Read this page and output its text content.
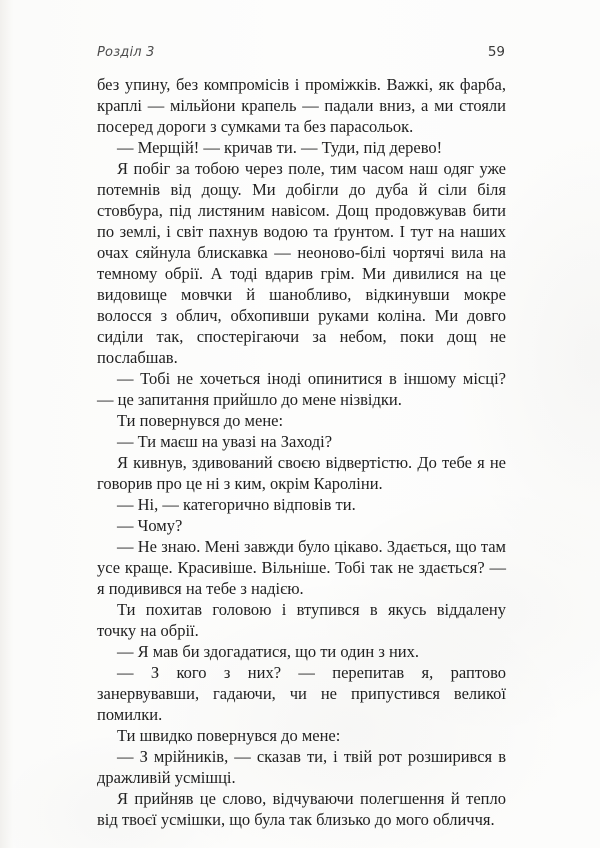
Розділ 3	59

без упину, без компромісів і проміжків. Важкі, як фарба, краплі — мільйони крапель — падали вниз, а ми стояли посеред дороги з сумками та без парасольок.

— Мерщій! — кричав ти. — Туди, під дерево!

Я побіг за тобою через поле, тим часом наш одяг уже потемнів від дощу. Ми добігли до дуба й сіли біля стовбура, під листяним навісом. Дощ продовжував бити по землі, і світ пахнув водою та ґрунтом. І тут на наших очах сяйнула блискавка — неоново-білі чортячі вила на темному обрії. А тоді вдарив грім. Ми дивилися на це видовище мовчки й шанобливо, відкинувши мокре волосся з облич, обхопивши руками коліна. Ми довго сиділи так, спостерігаючи за небом, поки дощ не послабшав.

— Тобі не хочеться іноді опинитися в іншому місці? — це запитання прийшло до мене нізвідки.

Ти повернувся до мене:

— Ти маєш на увазі на Заході?

Я кивнув, здивований своєю відвертістю. До тебе я не говорив про це ні з ким, окрім Кароліни.

— Ні, — категорично відповів ти.

— Чому?

— Не знаю. Мені завжди було цікаво. Здається, що там усе краще. Красивіше. Вільніше. Тобі так не здається? — я подивився на тебе з надією.

Ти похитав головою і втупився в якусь віддалену точку на обрії.

— Я мав би здогадатися, що ти один з них.

— З кого з них? — перепитав я, раптово занервувавши, гадаючи, чи не припустився великої помилки.

Ти швидко повернувся до мене:

— З мрійників, — сказав ти, і твій рот розширився в дражливій усмішці.

Я прийняв це слово, відчуваючи полегшення й тепло від твоєї усмішки, що була так близько до мого обличчя.
